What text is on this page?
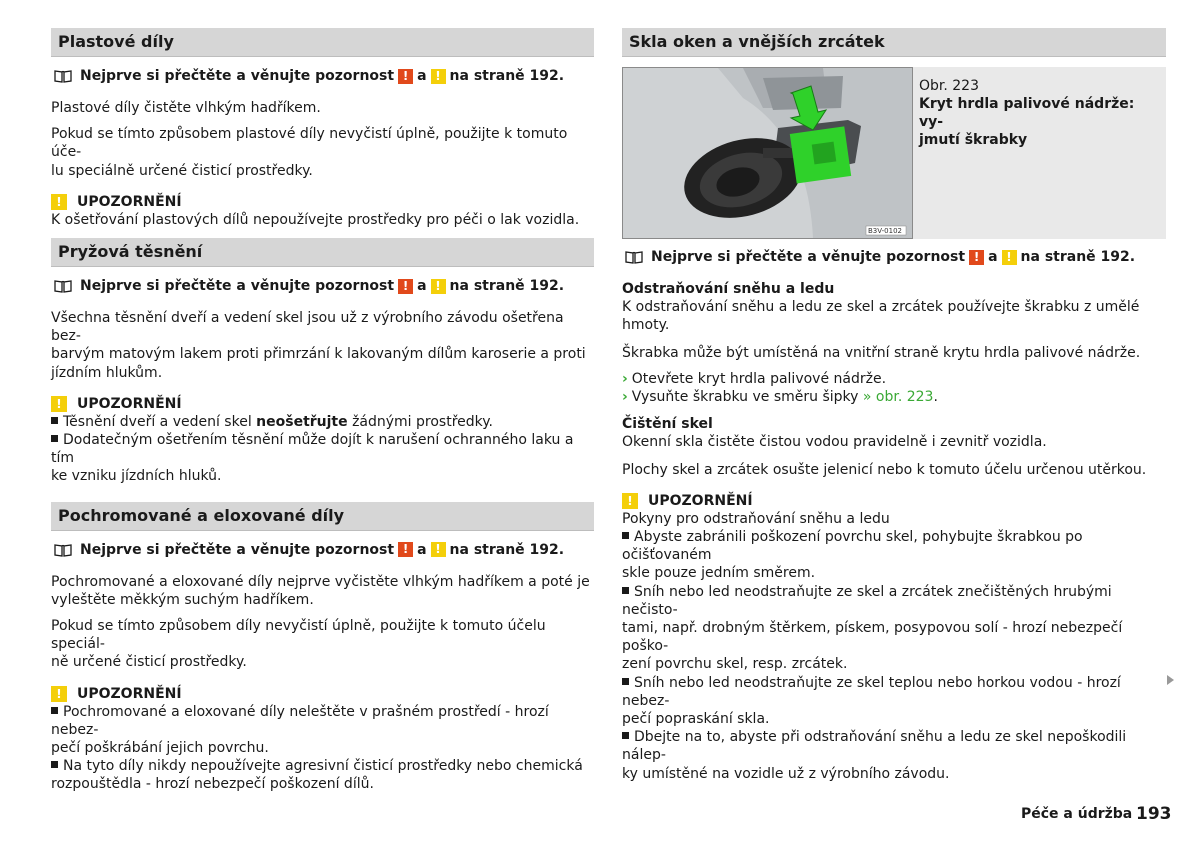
Plastové díly
Nejprve si přečtěte a věnujte pozornost ! a ! na straně 192.

Plastové díly čistěte vlhkým hadříkem.

Pokud se tímto způsobem plastové díly nevyčistí úplně, použijte k tomuto úče-

lu speciálně určené čisticí prostředky.

!	UPOZORNĚNÍ

K ošetřování plastových dílů nepoužívejte prostředky pro péči o lak vozidla.

Pryžová těsnění
Nejprve si přečtěte a věnujte pozornost ! a ! na straně 192.

Všechna těsnění dveří a vedení skel jsou už z výrobního závodu ošetřena bez-

barvým matovým lakem proti přimrzání k lakovaným dílům karoserie a proti

jízdním hlukům.

!	UPOZORNĚNÍ

Těsnění dveří a vedení skel neošetřujte žádnými prostředky.

Dodatečným ošetřením těsnění může dojít k narušení ochranného laku a tím

ke vzniku jízdních hluků.

Pochromované a eloxované díly
Nejprve si přečtěte a věnujte pozornost ! a ! na straně 192.

Pochromované a eloxované díly nejprve vyčistěte vlhkým hadříkem a poté je

vyleštěte měkkým suchým hadříkem.

Pokud se tímto způsobem díly nevyčistí úplně, použijte k tomuto účelu speciál-

ně určené čisticí prostředky.

!	UPOZORNĚNÍ

Pochromované a eloxované díly neleštěte v prašném prostředí - hrozí nebez-

pečí poškrábání jejich povrchu.

Na tyto díly nikdy nepoužívejte agresivní čisticí prostředky nebo chemická

rozpouštědla - hrozí nebezpečí poškození dílů.

Skla oken a vnějších zrcátek
B3V-0102
Obr. 223
Kryt hrdla palivové nádrže: vy-
jmutí škrabky
Nejprve si přečtěte a věnujte pozornost ! a ! na straně 192.

Odstraňování sněhu a ledu

K odstraňování sněhu a ledu ze skel a zrcátek používejte škrabku z umělé

hmoty.

Škrabka může být umístěná na vnitřní straně krytu hrdla palivové nádrže.

› Otevřete kryt hrdla palivové nádrže.

› Vysuňte škrabku ve směru šipky » obr. 223.

Čištění skel

Okenní skla čistěte čistou vodou pravidelně i zevnitř vozidla.

Plochy skel a zrcátek osušte jelenicí nebo k tomuto účelu určenou utěrkou.

!	UPOZORNĚNÍ

Pokyny pro odstraňování sněhu a ledu

Abyste zabránili poškození povrchu skel, pohybujte škrabkou po očišťovaném

skle pouze jedním směrem.

Sníh nebo led neodstraňujte ze skel a zrcátek znečištěných hrubými nečisto-

tami, např. drobným štěrkem, pískem, posypovou solí - hrozí nebezpečí poško-

zení povrchu skel, resp. zrcátek.

Sníh nebo led neodstraňujte ze skel teplou nebo horkou vodou - hrozí nebez-

pečí popraskání skla.

Dbejte na to, abyste při odstraňování sněhu a ledu ze skel nepoškodili nálep-

ky umístěné na vozidle už z výrobního závodu.

Péče a údržba 193
